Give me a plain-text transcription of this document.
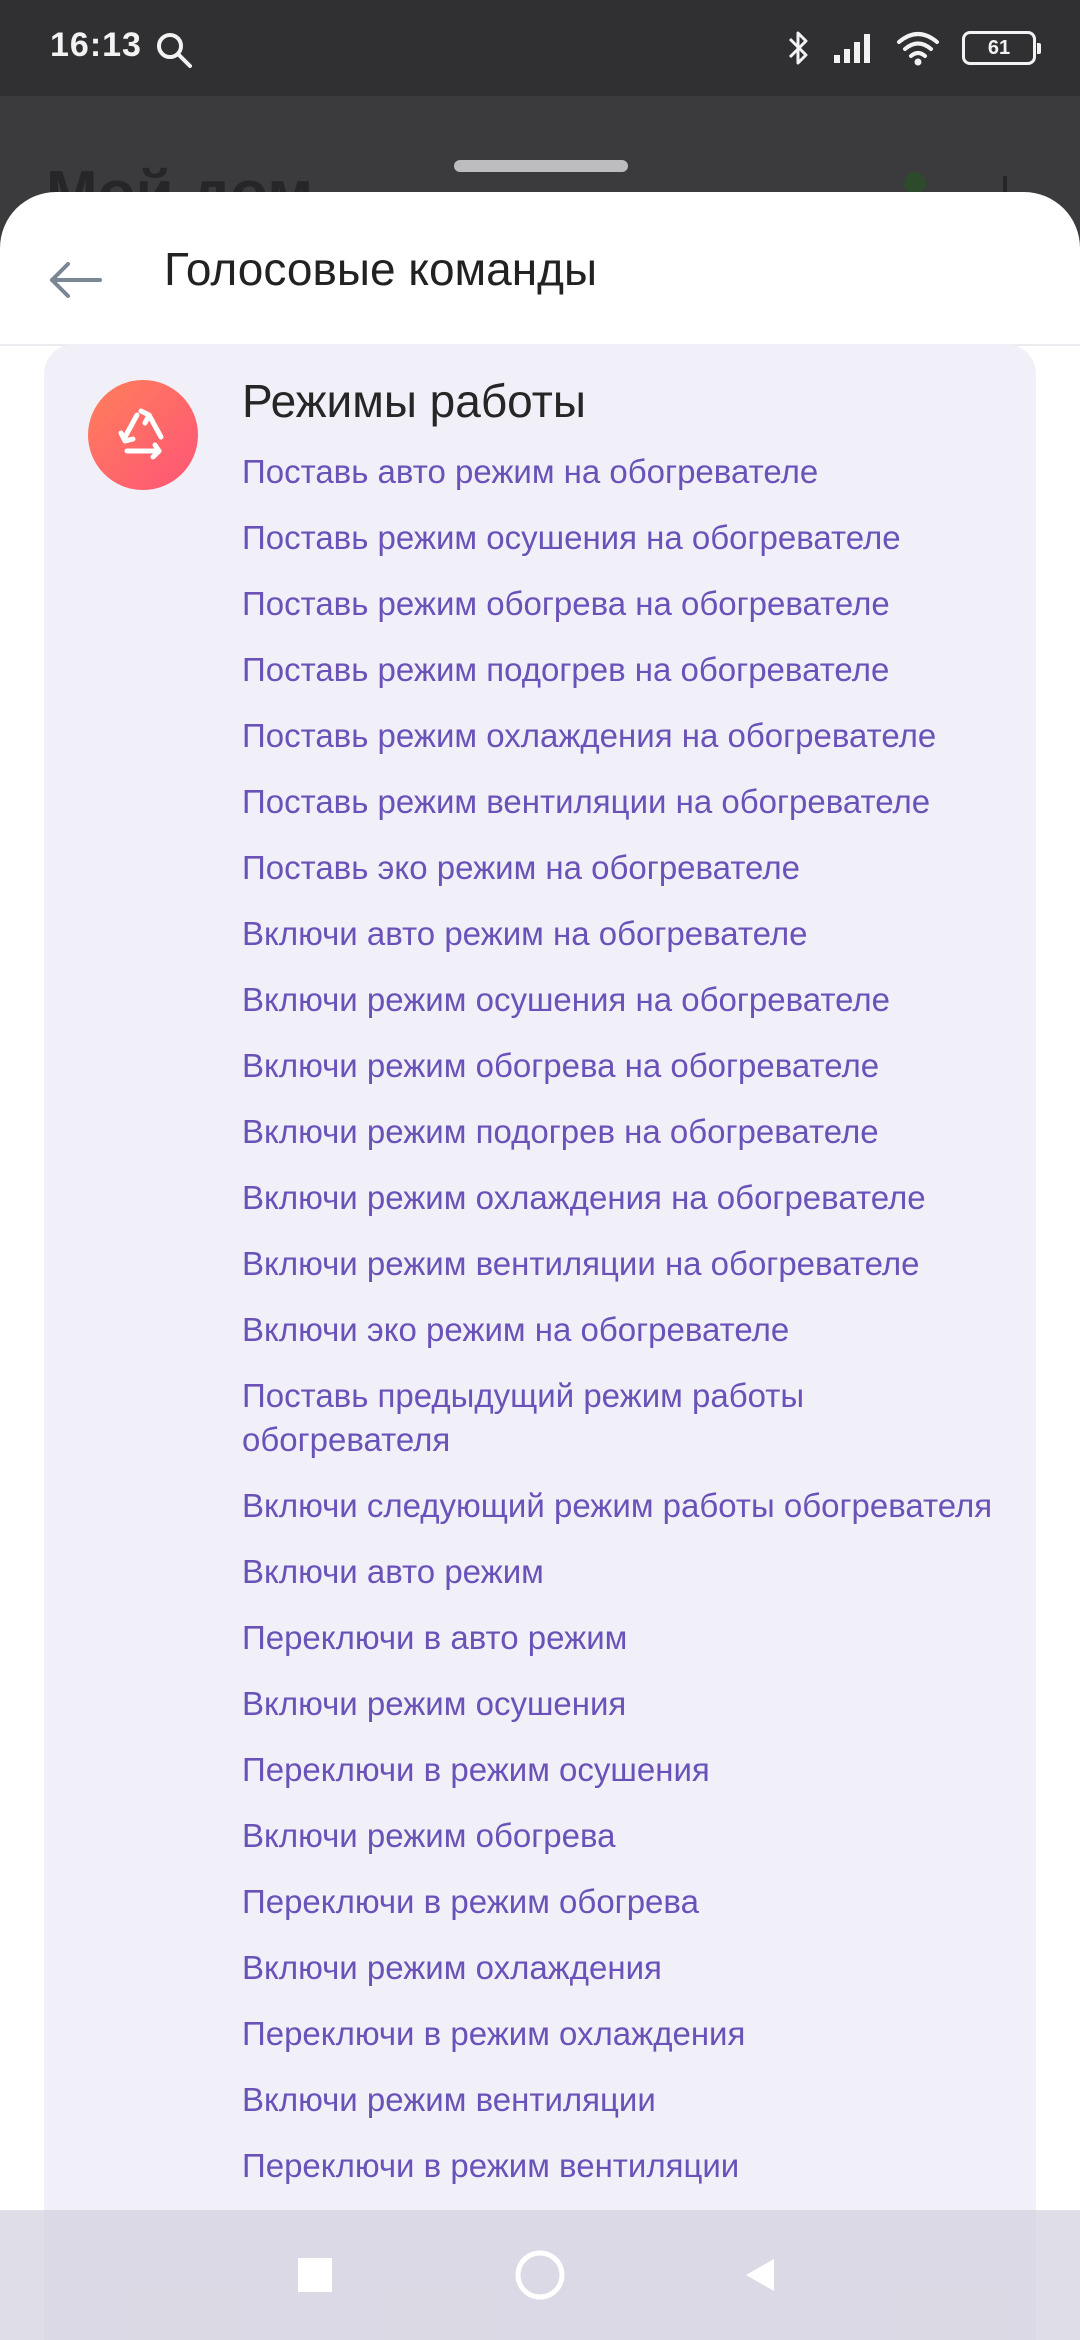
16:13	61
Голосовые команды
Режимы работы
Поставь авто режим на обогревателе
Поставь режим осушения на обогревателе
Поставь режим обогрева на обогревателе
Поставь режим подогрев на обогревателе
Поставь режим охлаждения на обогревателе
Поставь режим вентиляции на обогревателе
Поставь эко режим на обогревателе
Включи авто режим на обогревателе
Включи режим осушения на обогревателе
Включи режим обогрева на обогревателе
Включи режим подогрев на обогревателе
Включи режим охлаждения на обогревателе
Включи режим вентиляции на обогревателе
Включи эко режим на обогревателе
Поставь предыдущий режим работы обогревателя
Включи следующий режим работы обогревателя
Включи авто режим
Переключи в авто режим
Включи режим осушения
Переключи в режим осушения
Включи режим обогрева
Переключи в режим обогрева
Включи режим охлаждения
Переключи в режим охлаждения
Включи режим вентиляции
Переключи в режим вентиляции
